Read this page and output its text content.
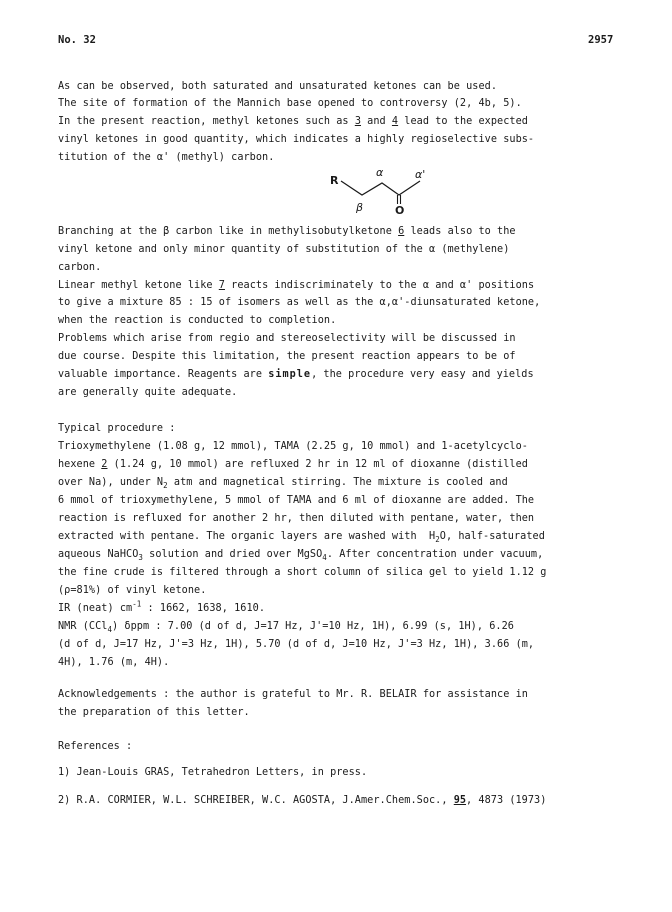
No. 32	2957
As can be observed, both saturated and unsaturated ketones can be used.
The site of formation of the Mannich base opened to controversy (2, 4b, 5).
In the present reaction, methyl ketones such as 3 and 4 lead to the expected
vinyl ketones in good quantity, which indicates a highly regioselective subs-
titution of the α' (methyl) carbon.
Branching at the β carbon like in methylisobutylketone 6 leads also to the
vinyl ketone and only minor quantity of substitution of the α (methylene)
carbon.
Linear methyl ketone like 7 reacts indiscriminately to the α and α' positions
to give a mixture 85 : 15 of isomers as well as the α,α'-diunsaturated ketone,
when the reaction is conducted to completion.
Problems which arise from regio and stereoselectivity will be discussed in
due course. Despite this limitation, the present reaction appears to be of
valuable importance. Reagents are simple, the procedure very easy and yields
are generally quite adequate.
Typical procedure :
Trioxymethylene (1.08 g, 12 mmol), TAMA (2.25 g, 10 mmol) and 1-acetylcyclo-
hexene 2 (1.24 g, 10 mmol) are refluxed 2 hr in 12 ml of dioxanne (distilled
over Na), under $N_2$ atm and magnetical stirring. The mixture is cooled and
6 mmol of trioxymethylene, 5 mmol of TAMA and 6 ml of dioxanne are added. The
reaction is refluxed for another 2 hr, then diluted with pentane, water, then
extracted with pentane. The organic layers are washed with  $H_2O$, half-saturated
aqueous NaHCO$_3$ solution and dried over MgSO$_4$. After concentration under vacuum,
the fine crude is filtered through a short column of silica gel to yield 1.12 g
(ρ=81%) of vinyl ketone.
IR (neat) $cm^{-1}$ : 1662, 1638, 1610.
NMR (CCl$_4$) δppm : 7.00 (d of d, J=17 Hz, J'=10 Hz, 1H), 6.99 (s, 1H), 6.26
(d of d, J=17 Hz, J'=3 Hz, 1H), 5.70 (d of d, J=10 Hz, J'=3 Hz, 1H), 3.66 (m,
4H), 1.76 (m, 4H).
Acknowledgements : the author is grateful to Mr. R. BELAIR for assistance in
the preparation of this letter.
References :
1) Jean-Louis GRAS, Tetrahedron Letters, in press.
2) R.A. CORMIER, W.L. SCHREIBER, W.C. AGOSTA, J.Amer.Chem.Soc., 95, 4873 (1973)
R
α	α'
β	O
